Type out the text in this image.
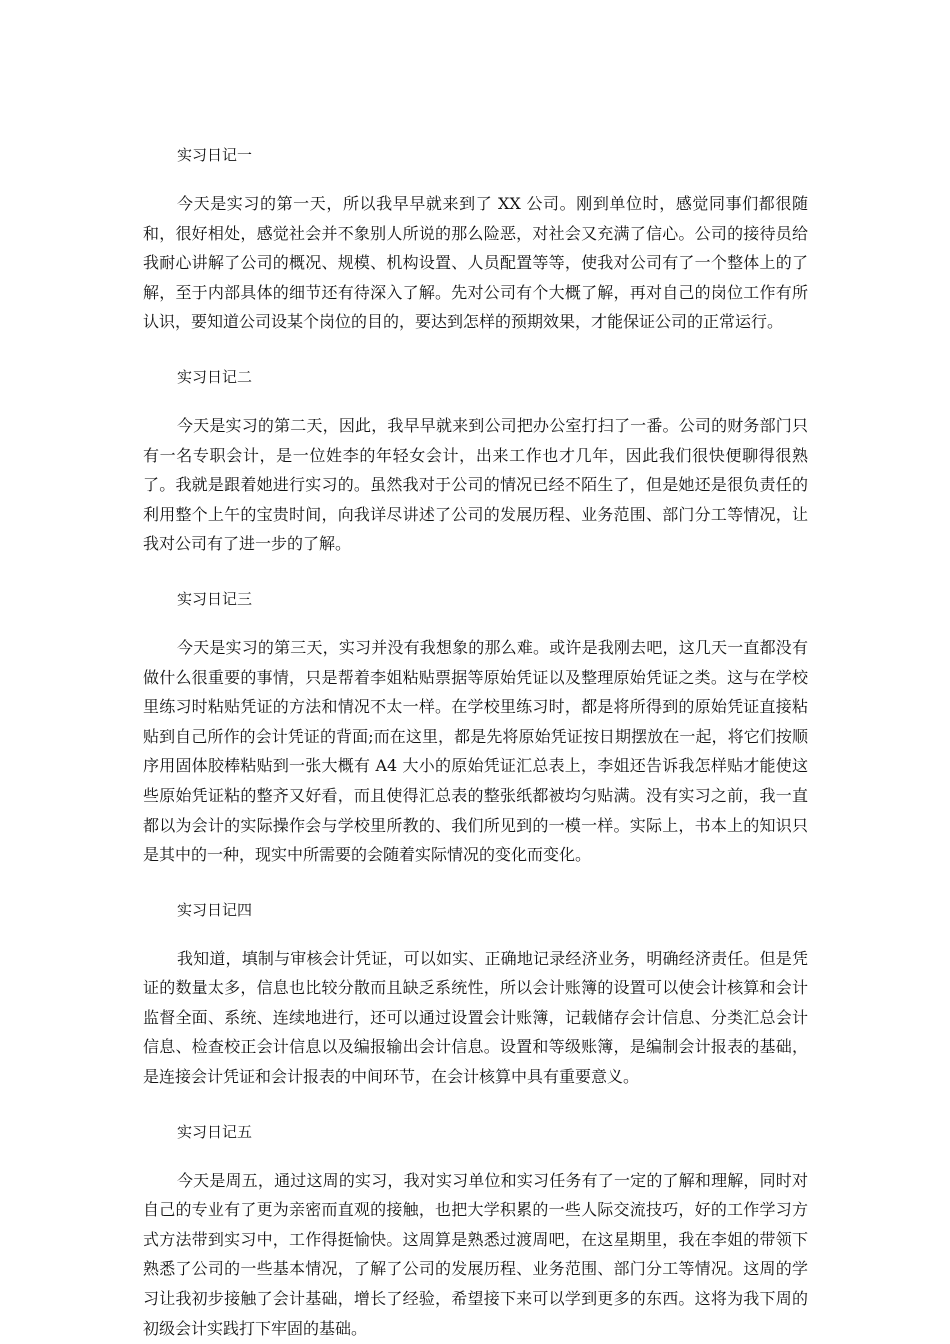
实习日记一

今天是实习的第一天，所以我早早就来到了 XX 公司。刚到单位时，感觉同事们都很随和，很好相处，感觉社会并不象别人所说的那么险恶，对社会又充满了信心。公司的接待员给我耐心讲解了公司的概况、规模、机构设置、人员配置等等，使我对公司有了一个整体上的了解，至于内部具体的细节还有待深入了解。先对公司有个大概了解，再对自己的岗位工作有所认识，要知道公司设某个岗位的目的，要达到怎样的预期效果，才能保证公司的正常运行。

实习日记二

今天是实习的第二天，因此，我早早就来到公司把办公室打扫了一番。公司的财务部门只有一名专职会计，是一位姓李的年轻女会计，出来工作也才几年，因此我们很快便聊得很熟了。我就是跟着她进行实习的。虽然我对于公司的情况已经不陌生了，但是她还是很负责任的利用整个上午的宝贵时间，向我详尽讲述了公司的发展历程、业务范围、部门分工等情况，让我对公司有了进一步的了解。

实习日记三

今天是实习的第三天，实习并没有我想象的那么难。或许是我刚去吧，这几天一直都没有做什么很重要的事情，只是帮着李姐粘贴票据等原始凭证以及整理原始凭证之类。这与在学校里练习时粘贴凭证的方法和情况不太一样。在学校里练习时，都是将所得到的原始凭证直接粘贴到自己所作的会计凭证的背面;而在这里，都是先将原始凭证按日期摆放在一起，将它们按顺序用固体胶棒粘贴到一张大概有 A4 大小的原始凭证汇总表上，李姐还告诉我怎样贴才能使这些原始凭证粘的整齐又好看，而且使得汇总表的整张纸都被均匀贴满。没有实习之前，我一直都以为会计的实际操作会与学校里所教的、我们所见到的一模一样。实际上，书本上的知识只是其中的一种，现实中所需要的会随着实际情况的变化而变化。

实习日记四

我知道，填制与审核会计凭证，可以如实、正确地记录经济业务，明确经济责任。但是凭证的数量太多，信息也比较分散而且缺乏系统性，所以会计账簿的设置可以使会计核算和会计监督全面、系统、连续地进行，还可以通过设置会计账簿，记载储存会计信息、分类汇总会计信息、检查校正会计信息以及编报输出会计信息。设置和等级账簿，是编制会计报表的基础，是连接会计凭证和会计报表的中间环节，在会计核算中具有重要意义。

实习日记五

今天是周五，通过这周的实习，我对实习单位和实习任务有了一定的了解和理解，同时对自己的专业有了更为亲密而直观的接触，也把大学积累的一些人际交流技巧，好的工作学习方式方法带到实习中，工作得挺愉快。这周算是熟悉过渡周吧，在这星期里，我在李姐的带领下熟悉了公司的一些基本情况，了解了公司的发展历程、业务范围、部门分工等情况。这周的学习让我初步接触了会计基础，增长了经验，希望接下来可以学到更多的东西。这将为我下周的初级会计实践打下牢固的基础。
